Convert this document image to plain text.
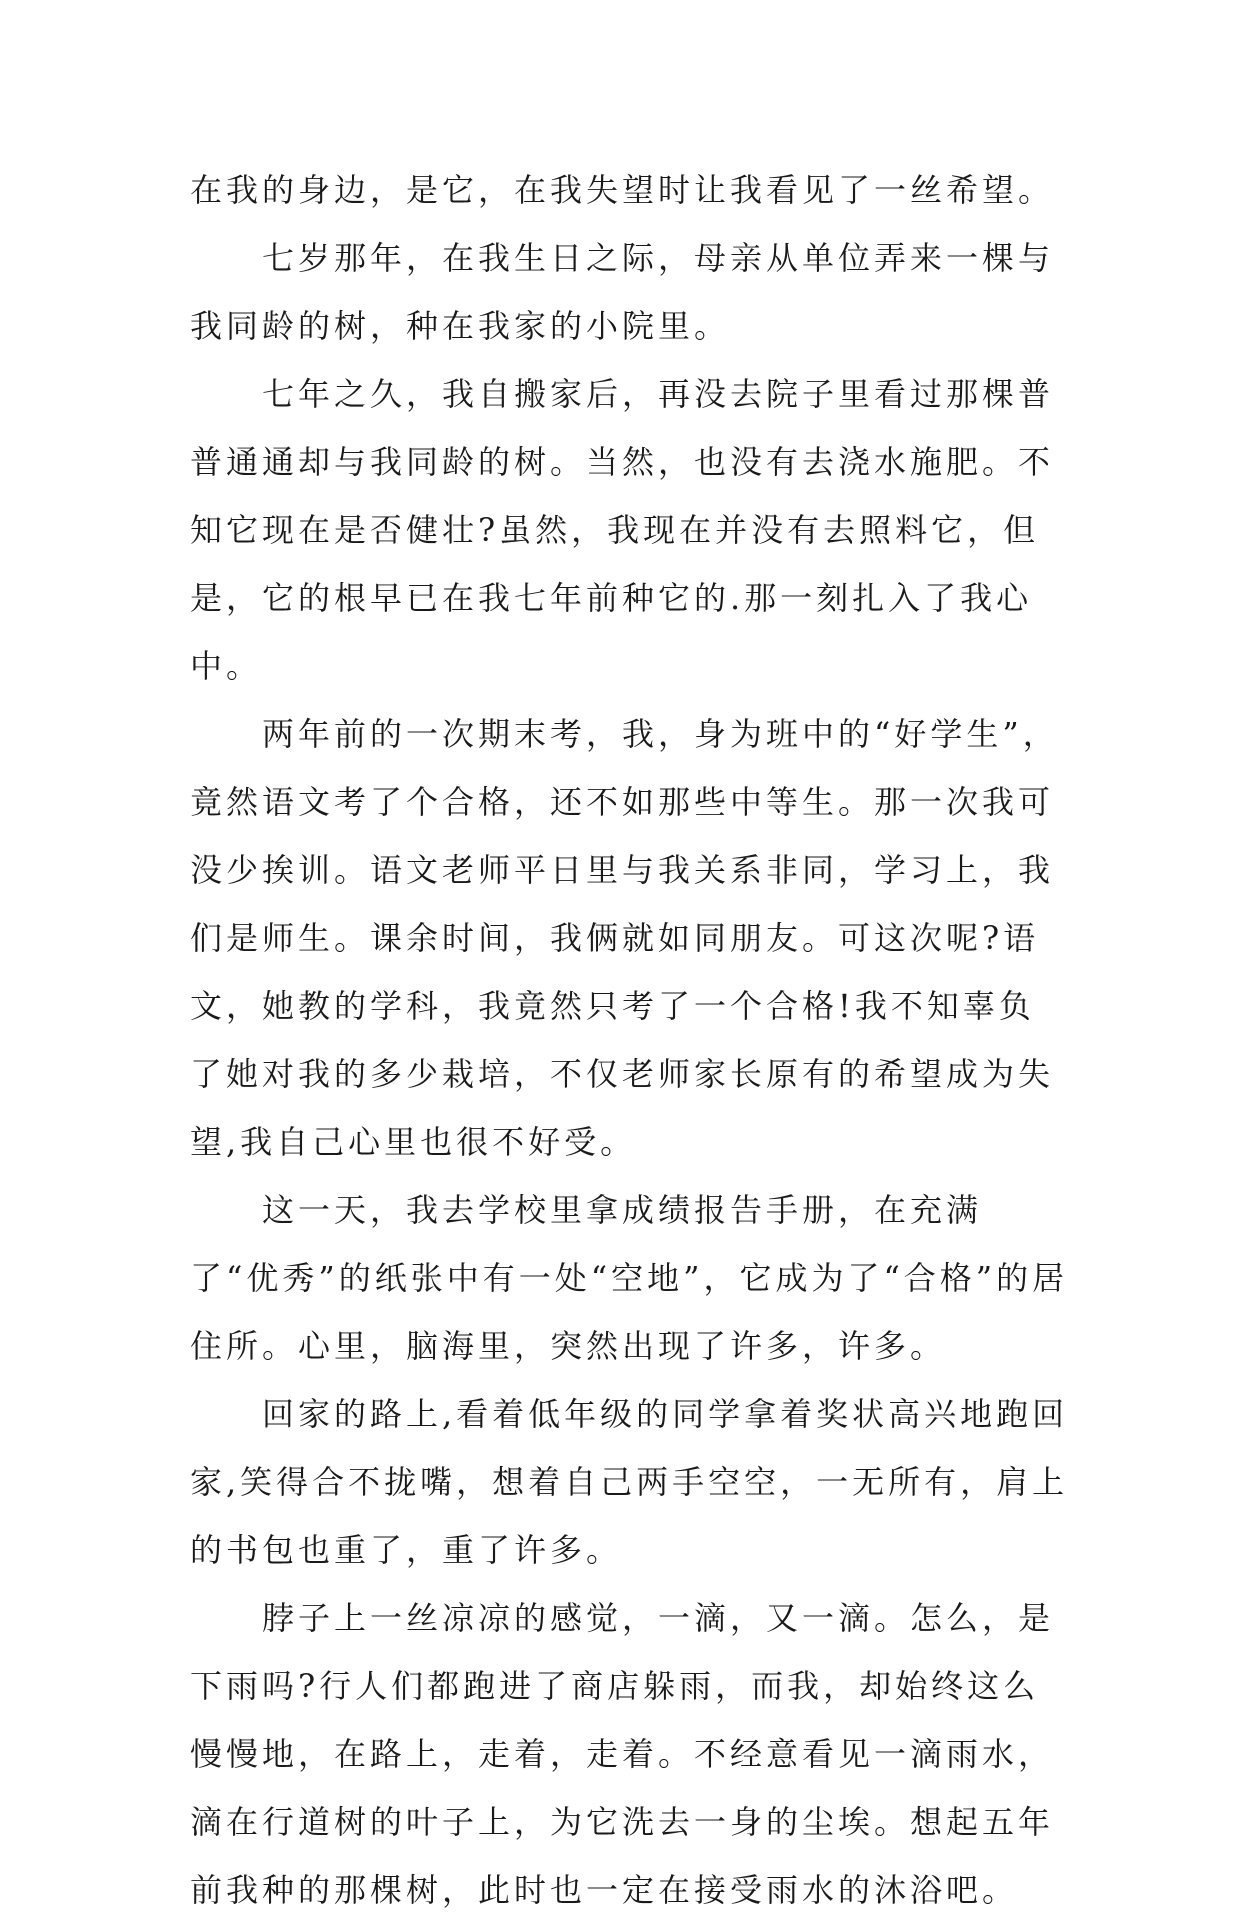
在我的身边，是它，在我失望时让我看见了一丝希望。

七岁那年，在我生日之际，母亲从单位弄来一棵与我同龄的树，种在我家的小院里。

七年之久，我自搬家后，再没去院子里看过那棵普普通通却与我同龄的树。当然，也没有去浇水施肥。不知它现在是否健壮?虽然，我现在并没有去照料它，但是，它的根早已在我七年前种它的.那一刻扎入了我心中。

两年前的一次期末考，我，身为班中的“好学生”，竟然语文考了个合格，还不如那些中等生。那一次我可没少挨训。语文老师平日里与我关系非同，学习上，我们是师生。课余时间，我俩就如同朋友。可这次呢?语文，她教的学科，我竟然只考了一个合格!我不知辜负了她对我的多少栽培，不仅老师家长原有的希望成为失望,我自己心里也很不好受。

这一天，我去学校里拿成绩报告手册，在充满了“优秀”的纸张中有一处“空地”，它成为了“合格”的居住所。心里，脑海里，突然出现了许多，许多。

回家的路上,看着低年级的同学拿着奖状高兴地跑回家,笑得合不拢嘴，想着自己两手空空，一无所有，肩上的书包也重了，重了许多。

脖子上一丝凉凉的感觉，一滴，又一滴。怎么，是下雨吗?行人们都跑进了商店躲雨，而我，却始终这么慢慢地，在路上，走着，走着。不经意看见一滴雨水，滴在行道树的叶子上，为它洗去一身的尘埃。想起五年前我种的那棵树，此时也一定在接受雨水的沐浴吧。
